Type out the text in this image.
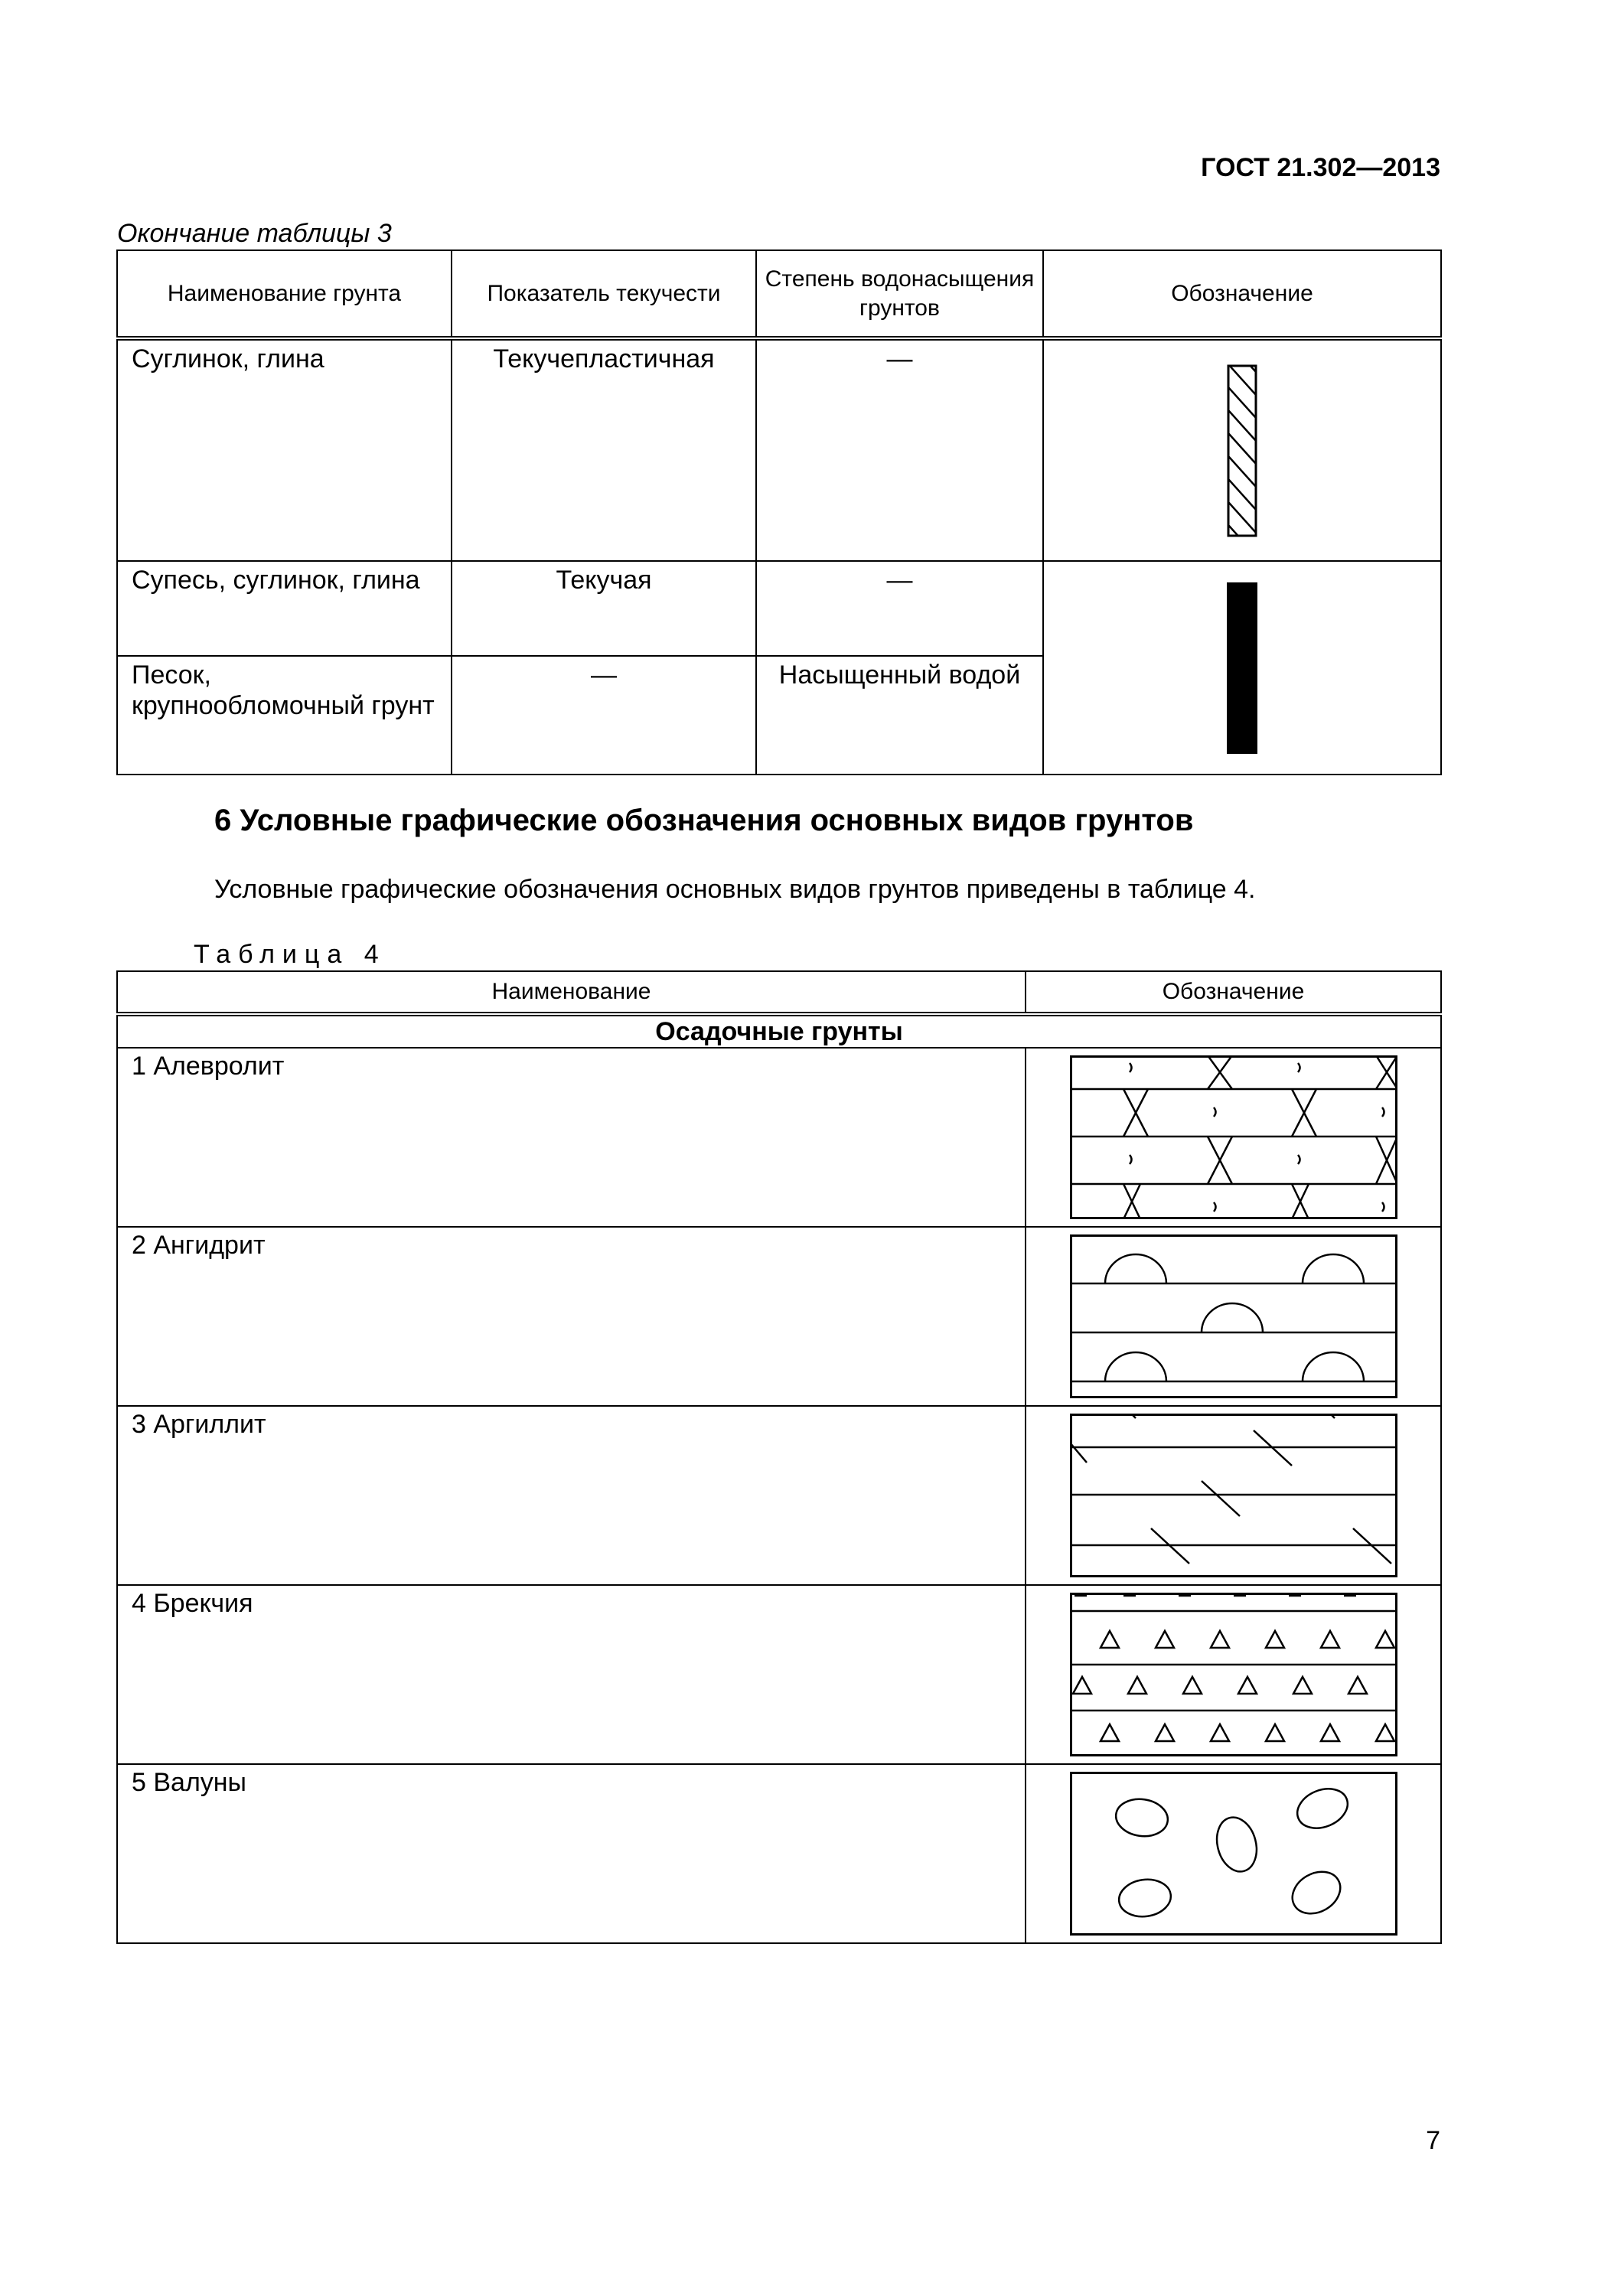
ГОСТ 21.302—2013
Окончание таблицы 3
Наименование грунта	Показатель текучести	Степень водонасыщения грунтов	Обозначение
Суглинок, глина	Текучепластичная	—	

Супесь, суглинок, глина	Текучая	—	

Песок, крупнообломочный грунт	—	Насыщенный водой	
6 Условные графические обозначения основных видов грунтов
Условные графические обозначения основных видов грунтов приведены в таблице 4.
Таблица 4
Наименование	Обозначение
Осадочные грунты	
1 Алевролит	

2 Ангидрит	

3 Аргиллит	

4 Брекчия	

5 Валуны	
7
